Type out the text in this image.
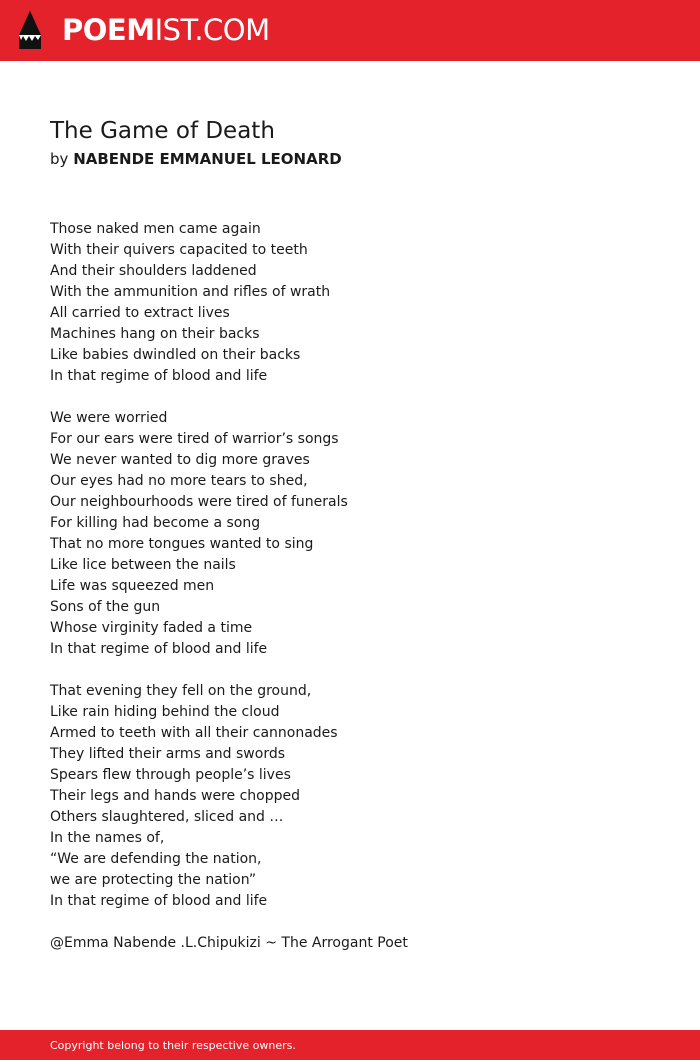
POEMIST.COM
The Game of Death
by NABENDE EMMANUEL LEONARD
Those naked men came again
With their quivers capacited to teeth
And their shoulders laddened
With the ammunition and rifles of wrath
All carried to extract lives
Machines hang on their backs
Like babies dwindled on their backs
In that regime of blood and life
We were worried
For our ears were tired of warrior’s songs
We never wanted to dig more graves
Our eyes had no more tears to shed,
Our neighbourhoods were tired of funerals
For killing had become a song
That no more tongues wanted to sing
Like lice between the nails
Life was squeezed men
Sons of the gun
Whose virginity faded a time
In that regime of blood and life
That evening they fell on the ground,
Like rain hiding behind the cloud
Armed to teeth with all their cannonades
They lifted their arms and swords
Spears flew through people’s lives
Their legs and hands were chopped
Others slaughtered, sliced and …
In the names of,
“We are defending the nation,
we are protecting the nation”
In that regime of blood and life
@Emma Nabende .L.Chipukizi ~ The Arrogant Poet
Copyright belong to their respective owners.
